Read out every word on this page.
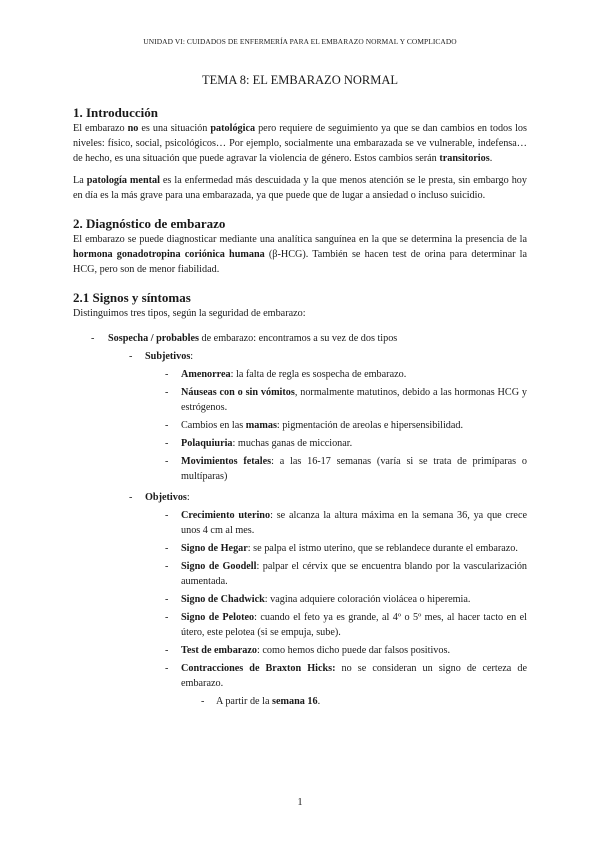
UNIDAD VI: CUIDADOS DE ENFERMERÍA PARA EL EMBARAZO NORMAL Y COMPLICADO
TEMA 8: EL EMBARAZO NORMAL
1. Introducción

El embarazo no es una situación patológica pero requiere de seguimiento ya que se dan cambios en todos los niveles: físico, social, psicológicos… Por ejemplo, socialmente una embarazada se ve vulnerable, indefensa… de hecho, es una situación que puede agravar la violencia de género. Estos cambios serán transitorios.

La patología mental es la enfermedad más descuidada y la que menos atención se le presta, sin embargo hoy en día es la más grave para una embarazada, ya que puede que de lugar a ansiedad o incluso suicidio.

2. Diagnóstico de embarazo

El embarazo se puede diagnosticar mediante una analítica sanguínea en la que se determina la presencia de la hormona gonadotropina coriónica humana (β-HCG). También se hacen test de orina para determinar la HCG, pero son de menor fiabilidad.

2.1 Signos y síntomas

Distinguimos tres tipos, según la seguridad de embarazo:

- Sospecha / probables de embarazo: encontramos a su vez de dos tipos
- Subjetivos:
- Amenorrea: la falta de regla es sospecha de embarazo.
- Náuseas con o sin vómitos, normalmente matutinos, debido a las hormonas HCG y estrógenos.
- Cambios en las mamas: pigmentación de areolas e hipersensibilidad.
- Polaquiuria: muchas ganas de miccionar.
- Movimientos fetales: a las 16-17 semanas (varía si se trata de primíparas o multíparas)
- Objetivos:
- Crecimiento uterino: se alcanza la altura máxima en la semana 36, ya que crece unos 4 cm al mes.
- Signo de Hegar: se palpa el istmo uterino, que se reblandece durante el embarazo.
- Signo de Goodell: palpar el cérvix que se encuentra blando por la vascularización aumentada.
- Signo de Chadwick: vagina adquiere coloración violácea o hiperemia.
- Signo de Peloteo: cuando el feto ya es grande, al 4º o 5º mes, al hacer tacto en el útero, este pelotea (si se empuja, sube).
- Test de embarazo: como hemos dicho puede dar falsos positivos.
- Contracciones de Braxton Hicks: no se consideran un signo de certeza de embarazo.
- A partir de la semana 16.
1
